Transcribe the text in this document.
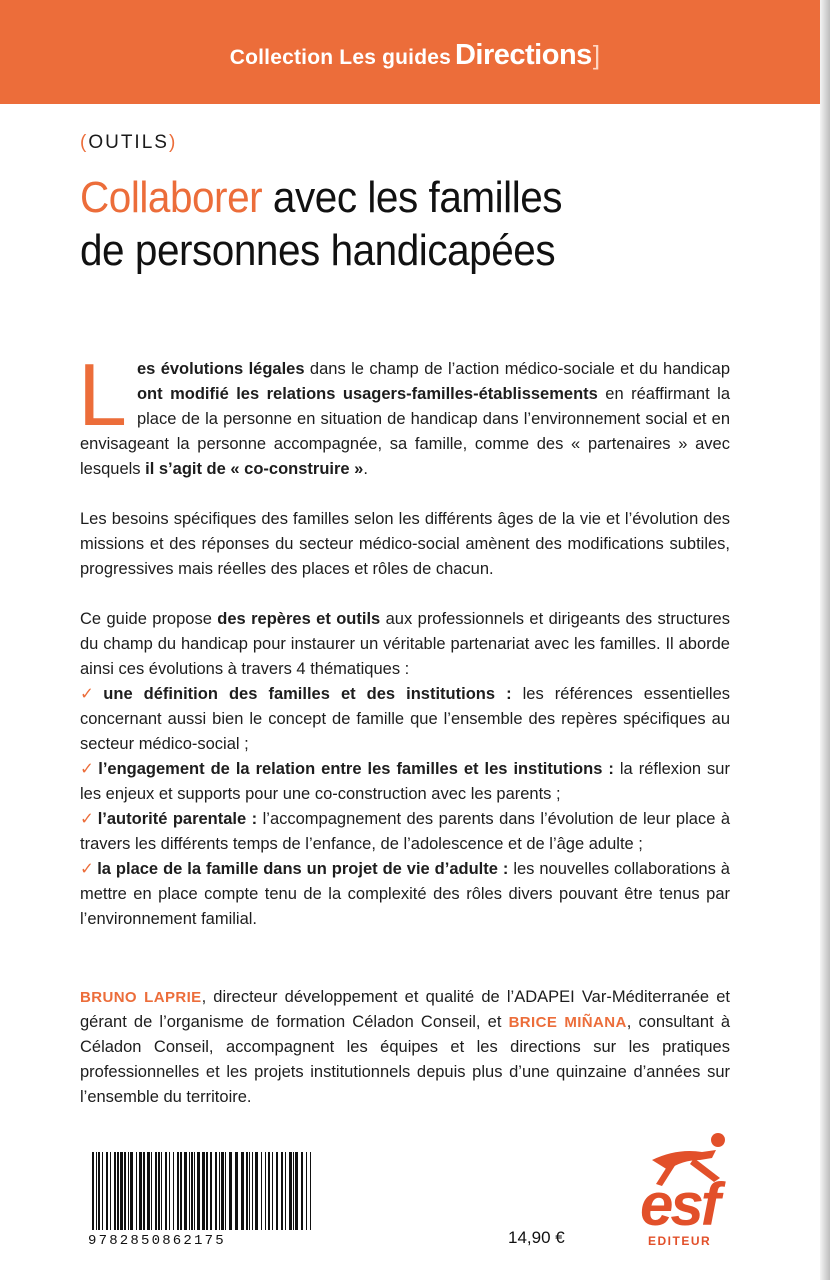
Collection Les guides Directions]
(OUTILS)
Collaborer avec les familles
de personnes handicapées

Les évolutions légales dans le champ de l’action médico-sociale et du handicap ont modifié les relations usagers-familles-établissements en réaffirmant la place de la personne en situation de handicap dans l’environnement social et en envisageant la personne accompagnée, sa famille, comme des « partenaires » avec lesquels il s’agit de « co-construire ».

Les besoins spécifiques des familles selon les différents âges de la vie et l’évolution des missions et des réponses du secteur médico-social amènent des modifications subtiles, progressives mais réelles des places et rôles de chacun.

Ce guide propose des repères et outils aux professionnels et dirigeants des structures du champ du handicap pour instaurer un véritable partenariat avec les familles. Il aborde ainsi ces évolutions à travers 4 thématiques :

✓ une définition des familles et des institutions : les références essentielles concernant aussi bien le concept de famille que l’ensemble des repères spécifiques au secteur médico-social ;

✓ l’engagement de la relation entre les familles et les institutions : la réflexion sur les enjeux et supports pour une co-construction avec les parents ;

✓ l’autorité parentale : l’accompagnement des parents dans l’évolution de leur place à travers les différents temps de l’enfance, de l’adolescence et de l’âge adulte ;

✓ la place de la famille dans un projet de vie d’adulte : les nouvelles collaborations à mettre en place compte tenu de la complexité des rôles divers pouvant être tenus par l’environnement familial.

BRUNO LAPRIE, directeur développement et qualité de l’ADAPEI Var-Méditerranée et gérant de l’organisme de formation Céladon Conseil, et BRICE MIÑANA, consultant à Céladon Conseil, accompagnent les équipes et les directions sur les pratiques professionnelles et les projets institutionnels depuis plus d’une quinzaine d’années sur l’ensemble du territoire.
9782850862175	14,90 € esf
EDITEUR
